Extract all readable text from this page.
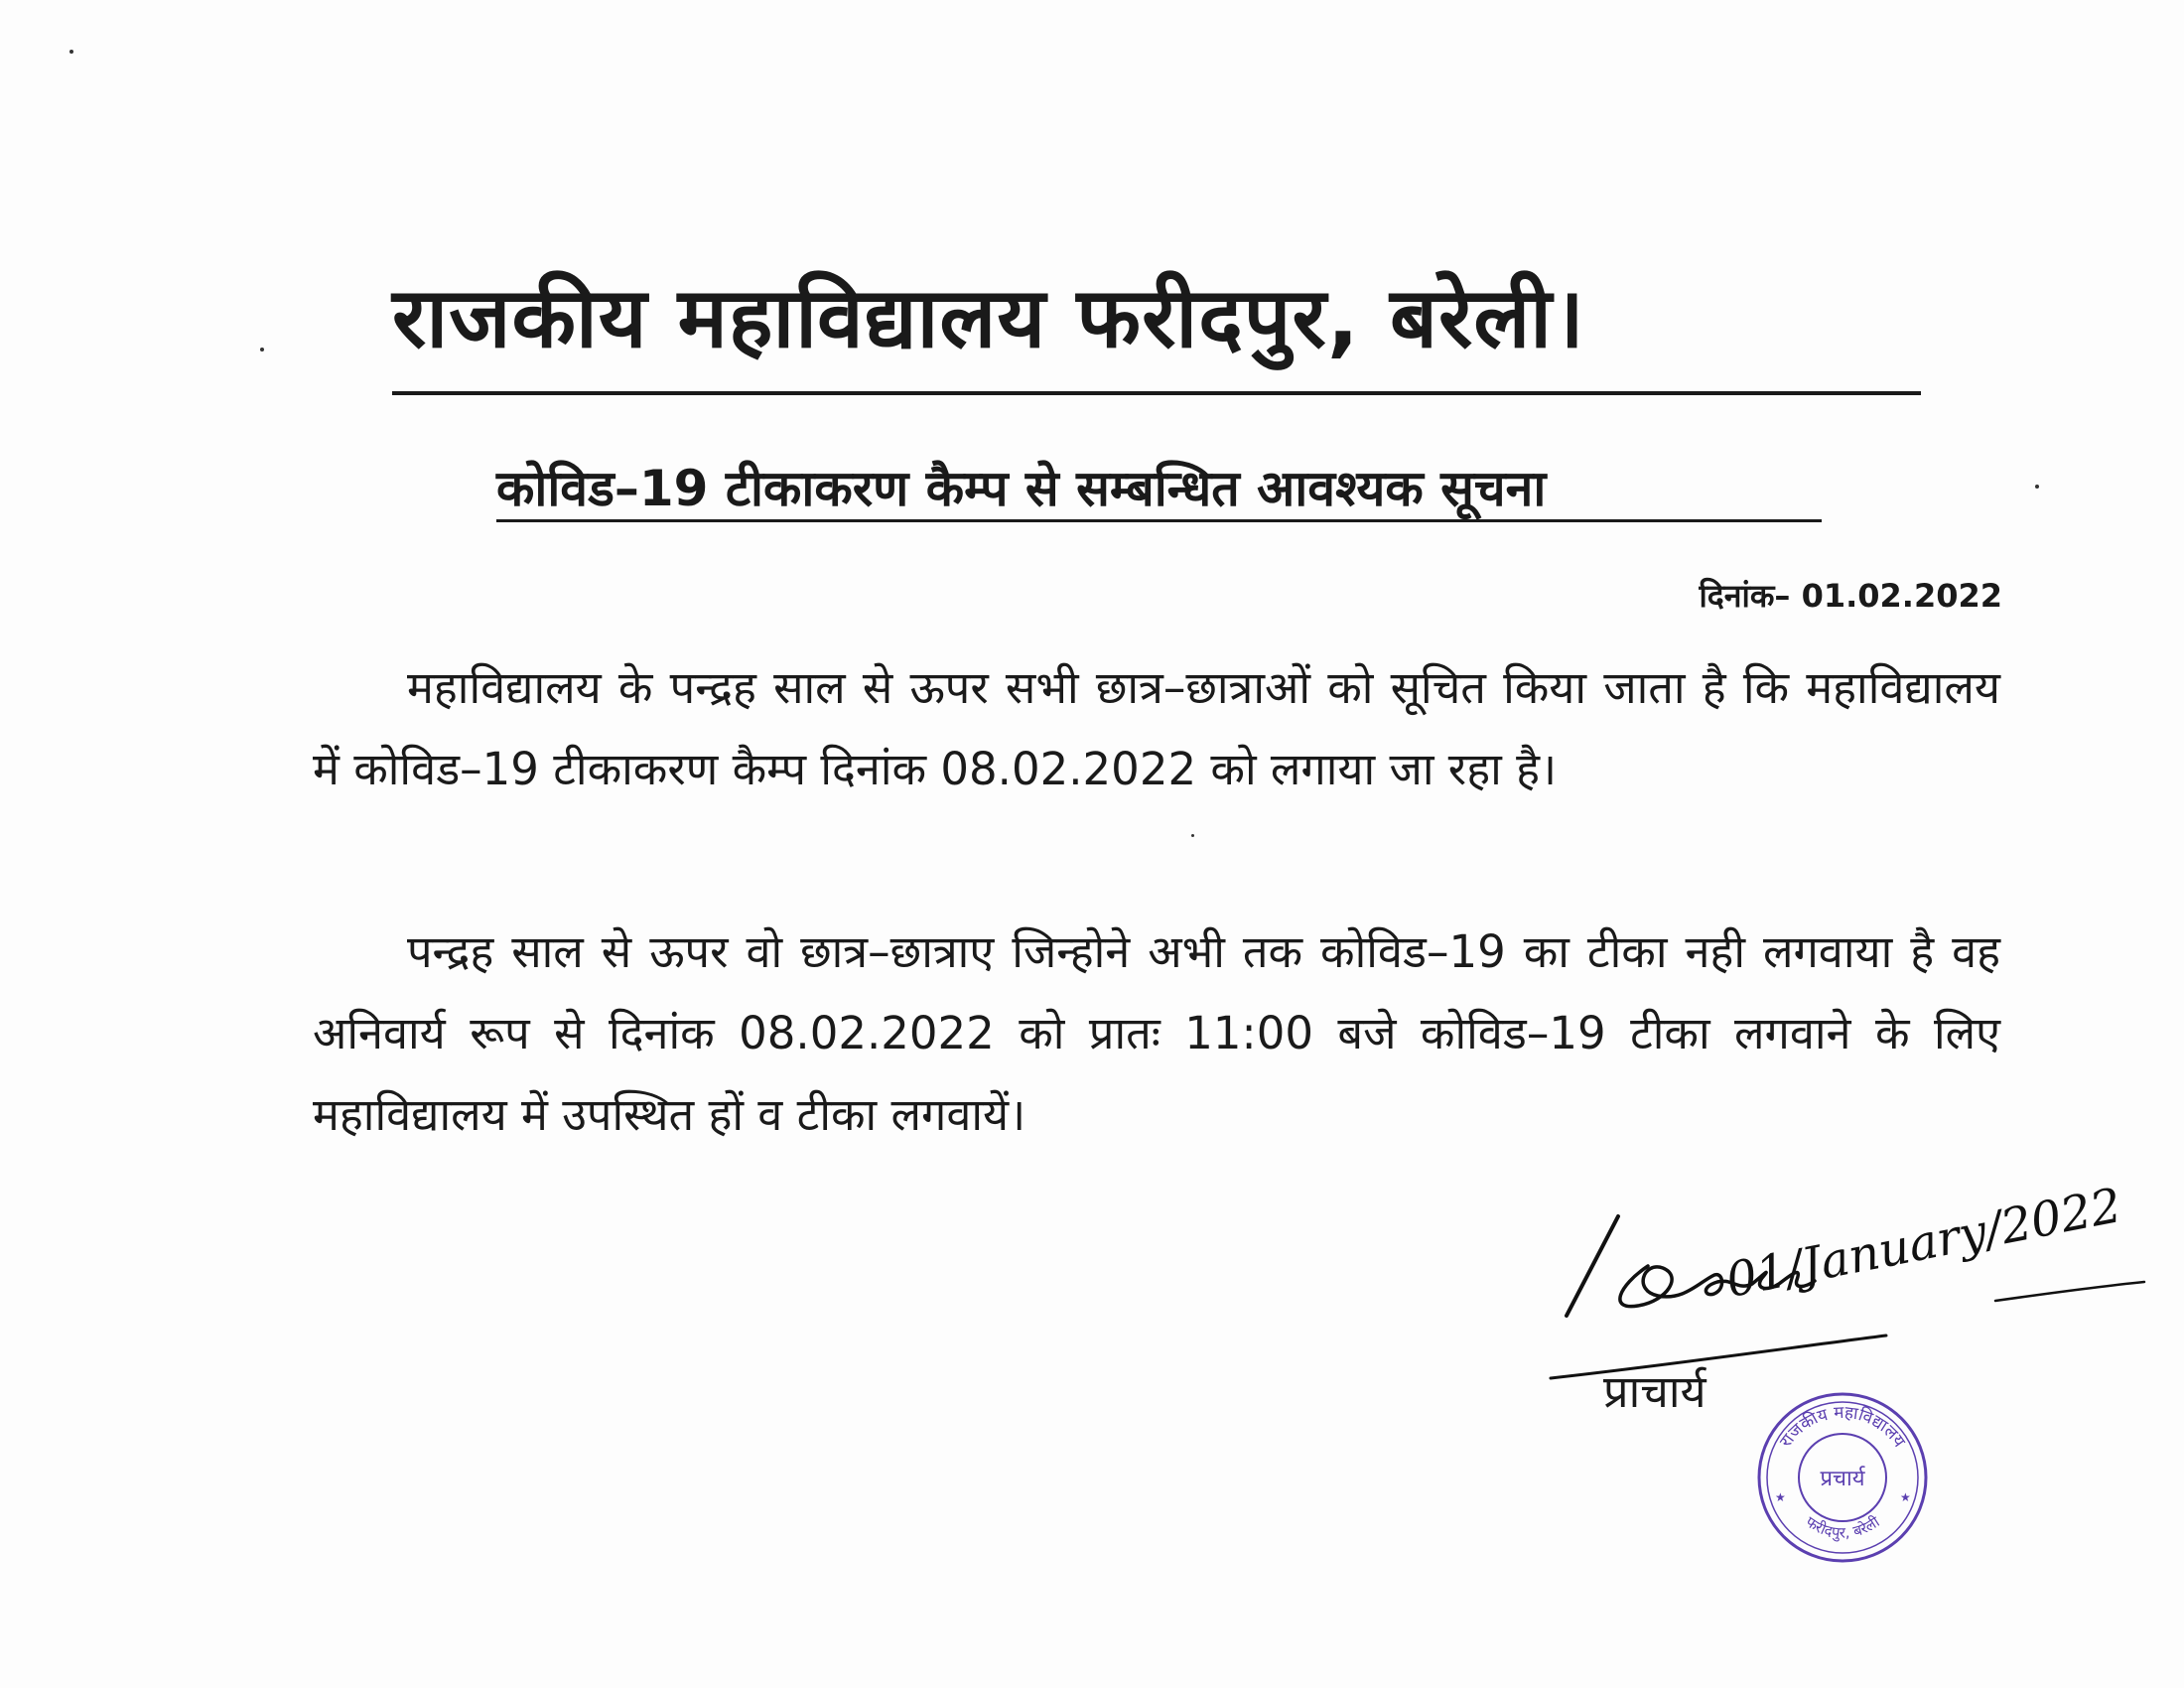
राजकीय महाविद्यालय फरीदपुर, बरेली।
कोविड–19 टीकाकरण कैम्प से सम्बन्धित आवश्यक सूचना
दिनांक– 01.02.2022

महाविद्यालय के पन्द्रह साल से ऊपर सभी छात्र–छात्राओं को सूचित किया जाता है कि महाविद्यालय में कोविड–19 टीकाकरण कैम्प दिनांक 08.02.2022 को लगाया जा रहा है।

पन्द्रह साल से ऊपर वो छात्र–छात्राए जिन्होने अभी तक कोविड–19 का टीका नही लगवाया है वह अनिवार्य रूप से दिनांक 08.02.2022 को प्रातः 11:00 बजे कोविड–19 टीका लगवाने के लिए महाविद्यालय में उपस्थित हों व टीका लगवायें।

01/January/2022
प्राचार्य
राजकीय महाविद्यालय
फरीदपुर, बरेली
प्रचार्य
★	★
